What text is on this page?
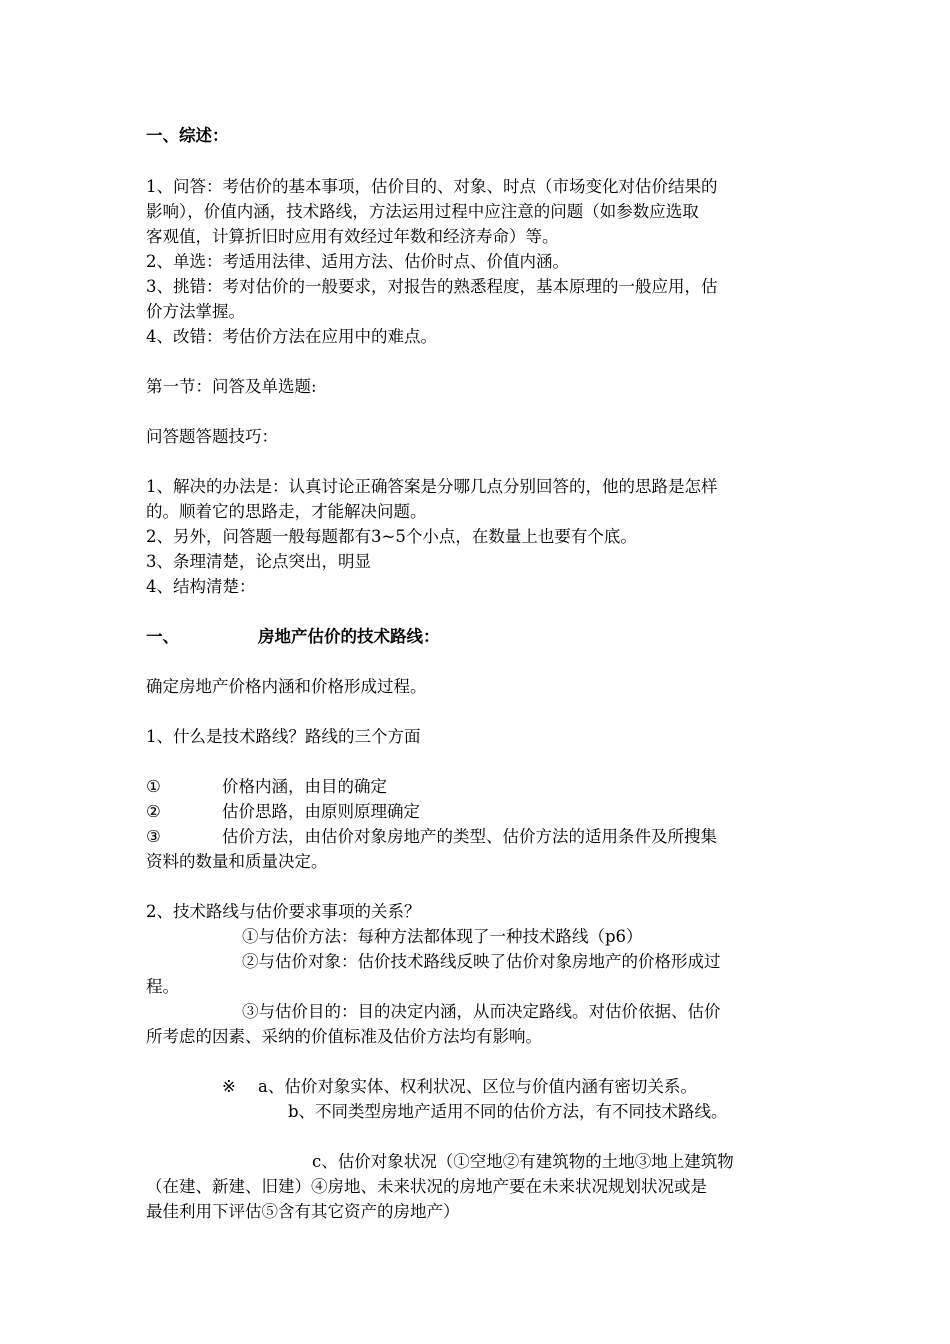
一、综述：
1、问答：考估价的基本事项，估价目的、对象、时点（市场变化对估价结果的
影响），价值内涵，技术路线，方法运用过程中应注意的问题（如参数应选取
客观值，计算折旧时应用有效经过年数和经济寿命）等。
2、单选：考适用法律、适用方法、估价时点、价值内涵。
3、挑错：考对估价的一般要求，对报告的熟悉程度，基本原理的一般应用，估
价方法掌握。
4、改错：考估价方法在应用中的难点。
第一节：问答及单选题:
问答题答题技巧：
1、解决的办法是：认真讨论正确答案是分哪几点分别回答的，他的思路是怎样
的。顺着它的思路走，才能解决问题。
2、另外，问答题一般每题都有3~5个小点，在数量上也要有个底。
3、条理清楚，论点突出，明显
4、结构清楚：
一、	房地产估价的技术路线：
确定房地产价格内涵和价格形成过程。
1、什么是技术路线？路线的三个方面
①	价格内涵，由目的确定
②	估价思路，由原则原理确定
③	估价方法，由估价对象房地产的类型、估价方法的适用条件及所搜集
资料的数量和质量决定。
2、技术路线与估价要求事项的关系？
①与估价方法：每种方法都体现了一种技术路线（p6）
②与估价对象：估价技术路线反映了估价对象房地产的价格形成过
程。
③与估价目的：目的决定内涵，从而决定路线。对估价依据、估价
所考虑的因素、采纳的价值标准及估价方法均有影响。
※ a、估价对象实体、权利状况、区位与价值内涵有密切关系。
b、不同类型房地产适用不同的估价方法，有不同技术路线。
c、估价对象状况（①空地②有建筑物的土地③地上建筑物
（在建、新建、旧建）④房地、未来状况的房地产要在未来状况规划状况或是
最佳利用下评估⑤含有其它资产的房地产）
